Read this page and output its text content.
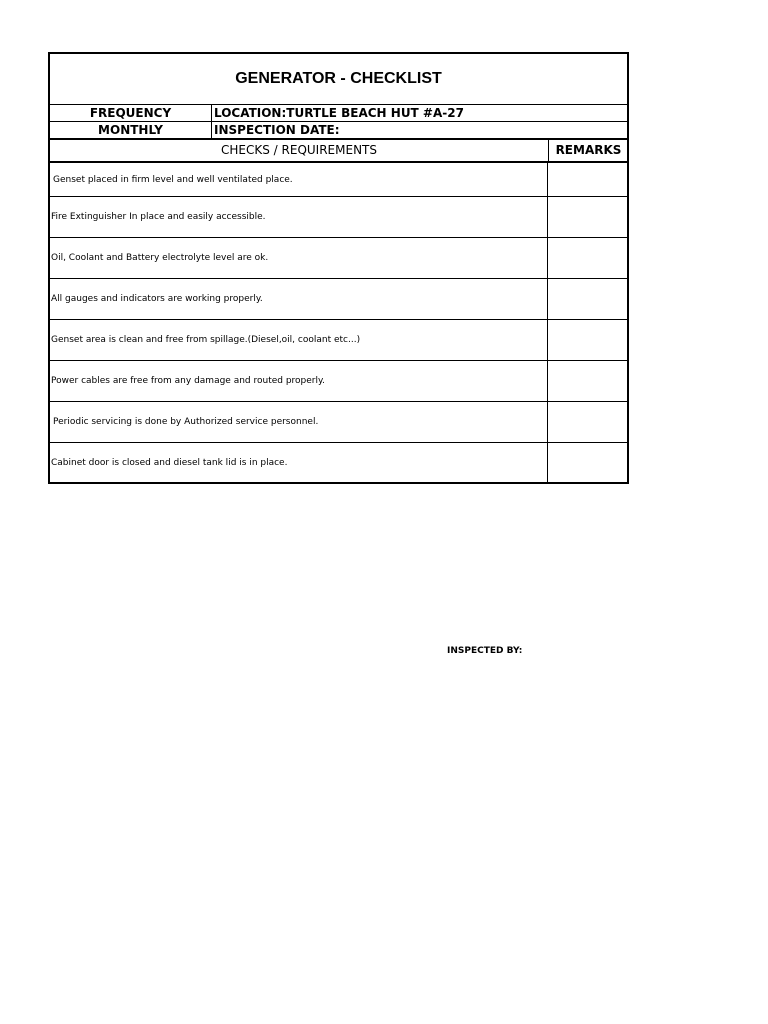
GENERATOR - CHECKLIST
FREQUENCY	LOCATION:TURTLE BEACH HUT #A-27
MONTHLY	INSPECTION DATE:
CHECKS / REQUIREMENTS	REMARKS
Genset placed in firm level and well ventilated place.
Fire Extinguisher In place and easily accessible.
Oil, Coolant and Battery electrolyte level are ok.
All gauges and indicators are working properly.
Genset area is clean and free from spillage.(Diesel,oil, coolant etc...)
Power cables are free from any damage and routed properly.
Periodic servicing is done by Authorized service personnel.
Cabinet door is closed and diesel tank lid is in place.
INSPECTED BY:
